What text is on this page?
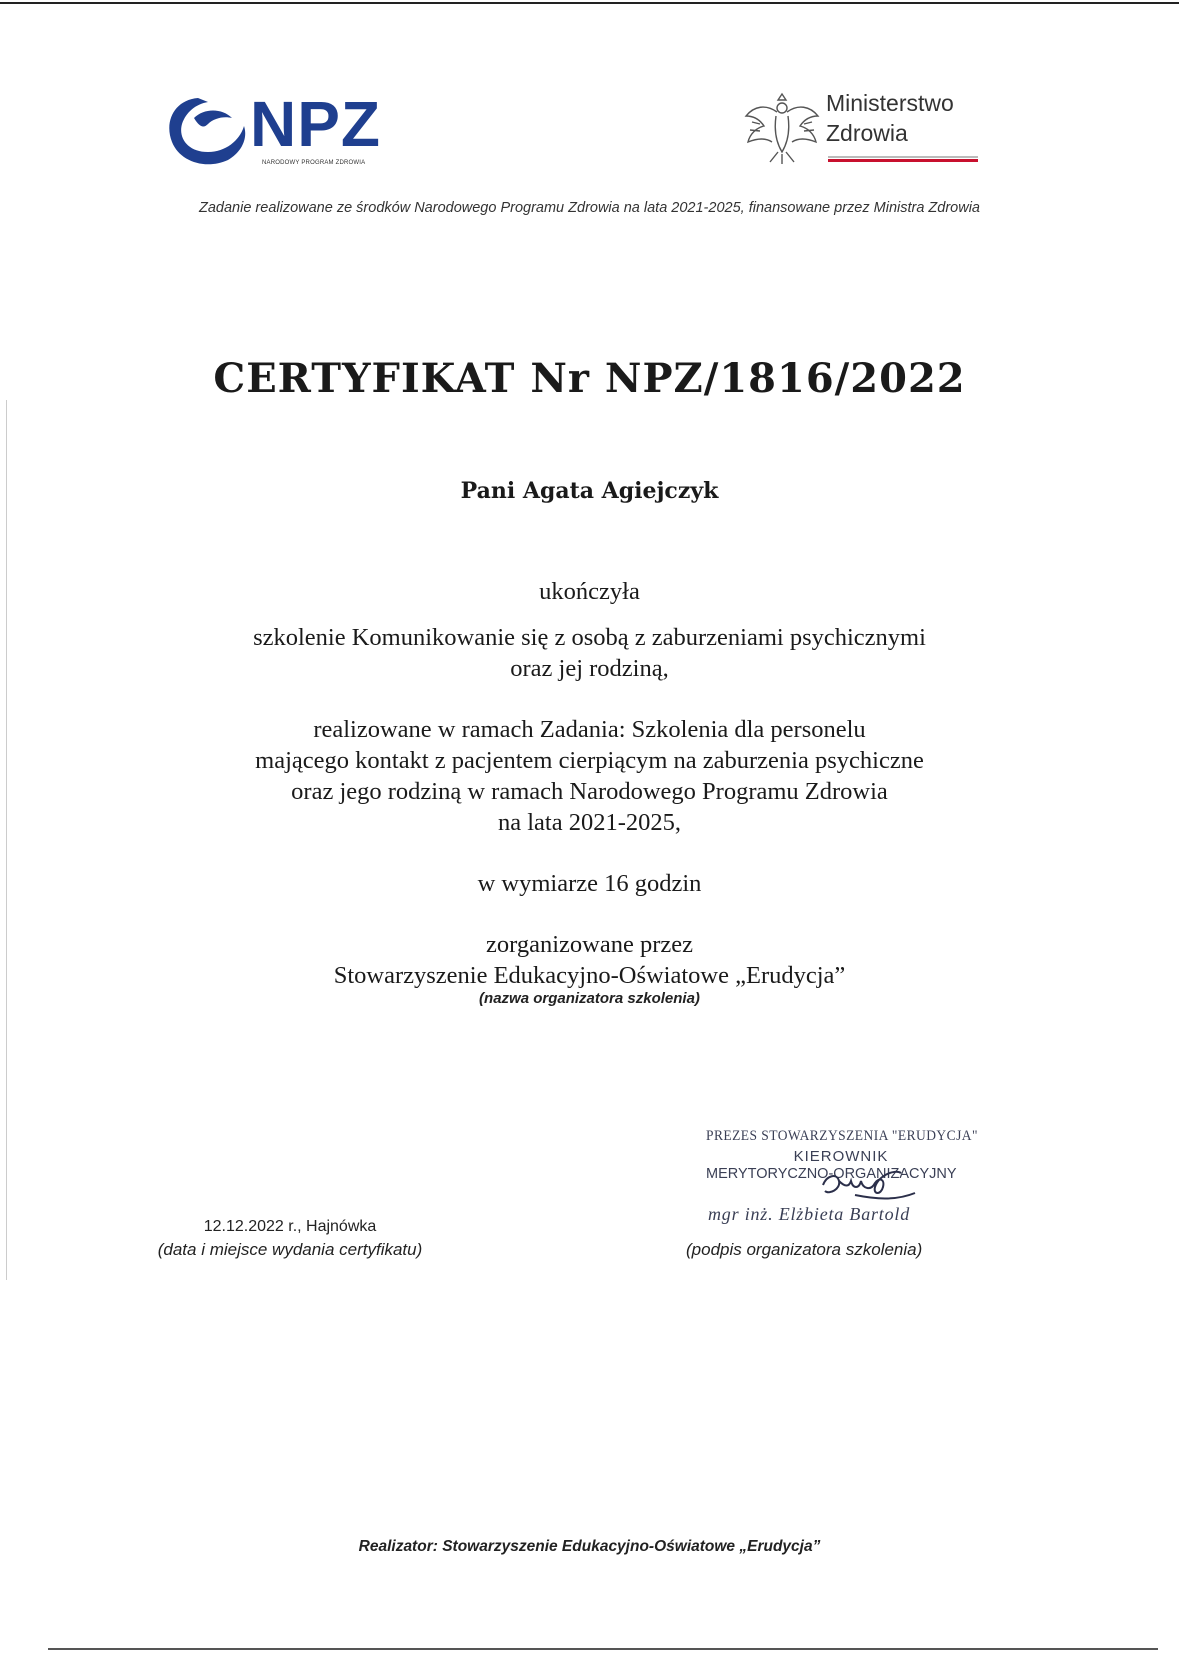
NPZ
NARODOWY PROGRAM ZDROWIA
Ministerstwo
Zdrowia
Zadanie realizowane ze środków Narodowego Programu Zdrowia na lata 2021-2025, finansowane przez Ministra Zdrowia
CERTYFIKAT Nr NPZ/1816/2022
Pani Agata Agiejczyk
ukończyła
szkolenie Komunikowanie się z osobą z zaburzeniami psychicznymi
oraz jej rodziną,
realizowane w ramach Zadania: Szkolenia dla personelu
mającego kontakt z pacjentem cierpiącym na zaburzenia psychiczne
oraz jego rodziną w ramach Narodowego Programu Zdrowia
na lata 2021-2025,
w wymiarze 16 godzin
zorganizowane przez
Stowarzyszenie Edukacyjno-Oświatowe „Erudycja”
(nazwa organizatora szkolenia)
PREZES STOWARZYSZENIA "ERUDYCJA"
KIEROWNIK
MERYTORYCZNO-ORGANIZACYJNY
mgr inż. Elżbieta Bartold
(podpis organizatora szkolenia)
12.12.2022 r., Hajnówka
(data i miejsce wydania certyfikatu)
Realizator: Stowarzyszenie Edukacyjno-Oświatowe „Erudycja”
